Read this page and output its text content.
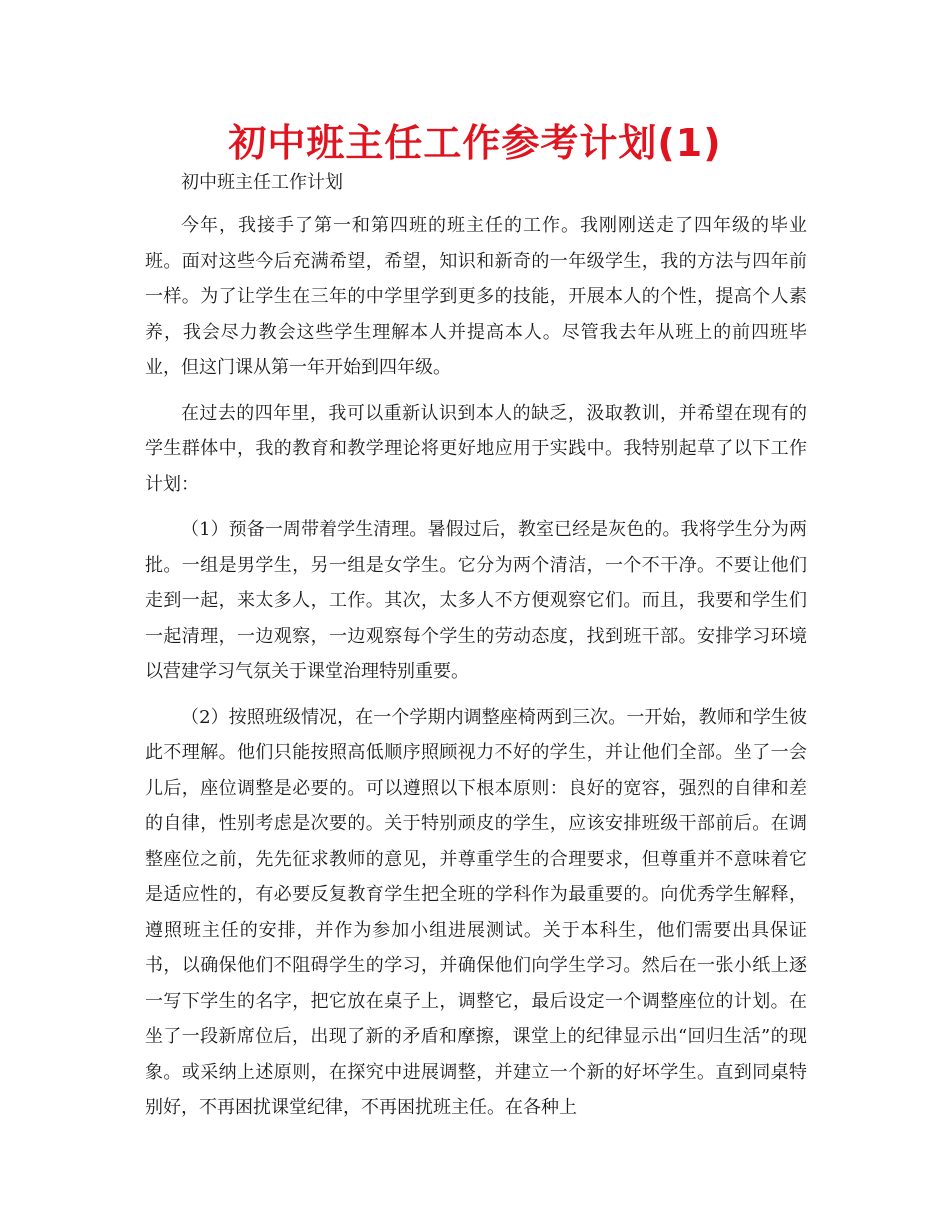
初中班主任工作参考计划(1)
初中班主任工作计划

今年，我接手了第一和第四班的班主任的工作。我刚刚送走了四年级的毕业班。面对这些今后充满希望，希望，知识和新奇的一年级学生，我的方法与四年前一样。为了让学生在三年的中学里学到更多的技能，开展本人的个性，提高个人素养，我会尽力教会这些学生理解本人并提高本人。尽管我去年从班上的前四班毕业，但这门课从第一年开始到四年级。

在过去的四年里，我可以重新认识到本人的缺乏，汲取教训，并希望在现有的学生群体中，我的教育和教学理论将更好地应用于实践中。我特别起草了以下工作计划：

（1）预备一周带着学生清理。暑假过后，教室已经是灰色的。我将学生分为两批。一组是男学生，另一组是女学生。它分为两个清洁，一个不干净。不要让他们走到一起，来太多人，工作。其次，太多人不方便观察它们。而且，我要和学生们一起清理，一边观察，一边观察每个学生的劳动态度，找到班干部。安排学习环境以营建学习气氛关于课堂治理特别重要。

（2）按照班级情况，在一个学期内调整座椅两到三次。一开始，教师和学生彼此不理解。他们只能按照高低顺序照顾视力不好的学生，并让他们全部。坐了一会儿后，座位调整是必要的。可以遵照以下根本原则：良好的宽容，强烈的自律和差的自律，性别考虑是次要的。关于特别顽皮的学生，应该安排班级干部前后。在调整座位之前，先先征求教师的意见，并尊重学生的合理要求，但尊重并不意味着它是适应性的，有必要反复教育学生把全班的学科作为最重要的。向优秀学生解释，遵照班主任的安排，并作为参加小组进展测试。关于本科生，他们需要出具保证书，以确保他们不阻碍学生的学习，并确保他们向学生学习。然后在一张小纸上逐一写下学生的名字，把它放在桌子上，调整它，最后设定一个调整座位的计划。在坐了一段新席位后，出现了新的矛盾和摩擦，课堂上的纪律显示出“回归生活”的现象。或采纳上述原则，在探究中进展调整，并建立一个新的好坏学生。直到同桌特别好，不再困扰课堂纪律，不再困扰班主任。在各种上
